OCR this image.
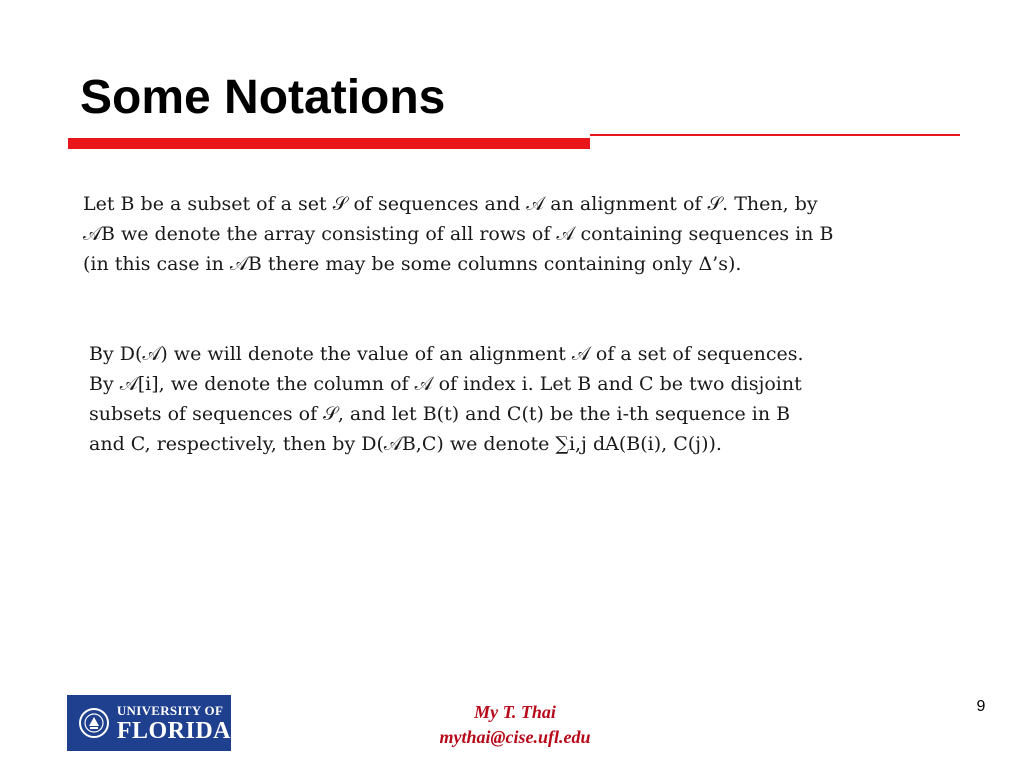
Some Notations
Let B be a subset of a set 𝒮 of sequences and 𝒜 an alignment of 𝒮. Then, by
𝒜B we denote the array consisting of all rows of 𝒜 containing sequences in B
(in this case in 𝒜B there may be some columns containing only Δ’s).
By D(𝒜) we will denote the value of an alignment 𝒜 of a set of sequences.
By 𝒜[i], we denote the column of 𝒜 of index i. Let B and C be two disjoint
subsets of sequences of 𝒮, and let B(t) and C(t) be the i-th sequence in B
and C, respectively, then by D(𝒜B,C) we denote ∑i,j dA(B(i), C(j)).
UNIVERSITY OF
FLORIDA
My T. Thai
mythai@cise.ufl.edu
9
